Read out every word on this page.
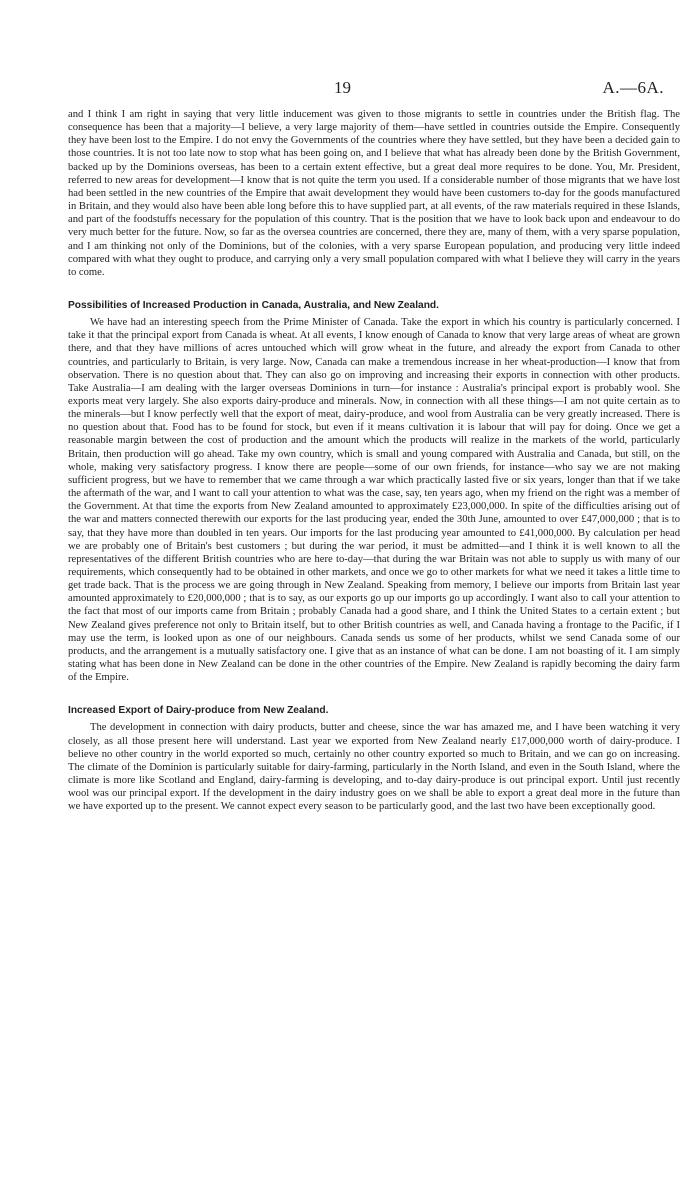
19	A.—6A.

and I think I am right in saying that very little inducement was given to those migrants to settle in countries under the British flag. The consequence has been that a majority—I believe, a very large majority of them—have settled in countries outside the Empire. Consequently they have been lost to the Empire. I do not envy the Governments of the countries where they have settled, but they have been a decided gain to those countries. It is not too late now to stop what has been going on, and I believe that what has already been done by the British Government, backed up by the Dominions overseas, has been to a certain extent effective, but a great deal more requires to be done. You, Mr. President, referred to new areas for development—I know that is not quite the term you used. If a considerable number of those migrants that we have lost had been settled in the new countries of the Empire that await development they would have been customers to-day for the goods manufactured in Britain, and they would also have been able long before this to have supplied part, at all events, of the raw materials required in these Islands, and part of the foodstuffs necessary for the population of this country. That is the position that we have to look back upon and endeavour to do very much better for the future. Now, so far as the oversea countries are concerned, there they are, many of them, with a very sparse population, and I am thinking not only of the Dominions, but of the colonies, with a very sparse European population, and producing very little indeed compared with what they ought to produce, and carrying only a very small population compared with what I believe they will carry in the years to come.

Possibilities of Increased Production in Canada, Australia, and New Zealand.

We have had an interesting speech from the Prime Minister of Canada. Take the export in which his country is particularly concerned. I take it that the principal export from Canada is wheat. At all events, I know enough of Canada to know that very large areas of wheat are grown there, and that they have millions of acres untouched which will grow wheat in the future, and already the export from Canada to other countries, and particularly to Britain, is very large. Now, Canada can make a tremendous increase in her wheat-production—I know that from observation. There is no question about that. They can also go on improving and increasing their exports in connection with other products. Take Australia—I am dealing with the larger overseas Dominions in turn—for instance : Australia's principal export is probably wool. She exports meat very largely. She also exports dairy-produce and minerals. Now, in connection with all these things—I am not quite certain as to the minerals—but I know perfectly well that the export of meat, dairy-produce, and wool from Australia can be very greatly increased. There is no question about that. Food has to be found for stock, but even if it means cultivation it is labour that will pay for doing. Once we get a reasonable margin between the cost of production and the amount which the products will realize in the markets of the world, particularly Britain, then production will go ahead. Take my own country, which is small and young compared with Australia and Canada, but still, on the whole, making very satisfactory progress. I know there are people—some of our own friends, for instance—who say we are not making sufficient progress, but we have to remember that we came through a war which practically lasted five or six years, longer than that if we take the aftermath of the war, and I want to call your attention to what was the case, say, ten years ago, when my friend on the right was a member of the Government. At that time the exports from New Zealand amounted to approximately £23,000,000. In spite of the difficulties arising out of the war and matters connected therewith our exports for the last producing year, ended the 30th June, amounted to over £47,000,000 ; that is to say, that they have more than doubled in ten years. Our imports for the last producing year amounted to £41,000,000. By calculation per head we are probably one of Britain's best customers ; but during the war period, it must be admitted—and I think it is well known to all the representatives of the different British countries who are here to-day—that during the war Britain was not able to supply us with many of our requirements, which consequently had to be obtained in other markets, and once we go to other markets for what we need it takes a little time to get trade back. That is the process we are going through in New Zealand. Speaking from memory, I believe our imports from Britain last year amounted approximately to £20,000,000 ; that is to say, as our exports go up our imports go up accordingly. I want also to call your attention to the fact that most of our imports came from Britain ; probably Canada had a good share, and I think the United States to a certain extent ; but New Zealand gives preference not only to Britain itself, but to other British countries as well, and Canada having a frontage to the Pacific, if I may use the term, is looked upon as one of our neighbours. Canada sends us some of her products, whilst we send Canada some of our products, and the arrangement is a mutually satisfactory one. I give that as an instance of what can be done. I am not boasting of it. I am simply stating what has been done in New Zealand can be done in the other countries of the Empire. New Zealand is rapidly becoming the dairy farm of the Empire.

Increased Export of Dairy-produce from New Zealand.

The development in connection with dairy products, butter and cheese, since the war has amazed me, and I have been watching it very closely, as all those present here will understand. Last year we exported from New Zealand nearly £17,000,000 worth of dairy-produce. I believe no other country in the world exported so much, certainly no other country exported so much to Britain, and we can go on increasing. The climate of the Dominion is particularly suitable for dairy-farming, particularly in the North Island, and even in the South Island, where the climate is more like Scotland and England, dairy-farming is developing, and to-day dairy-produce is out principal export. Until just recently wool was our principal export. If the development in the dairy industry goes on we shall be able to export a great deal more in the future than we have exported up to the present. We cannot expect every season to be particularly good, and the last two have been exceptionally good.
